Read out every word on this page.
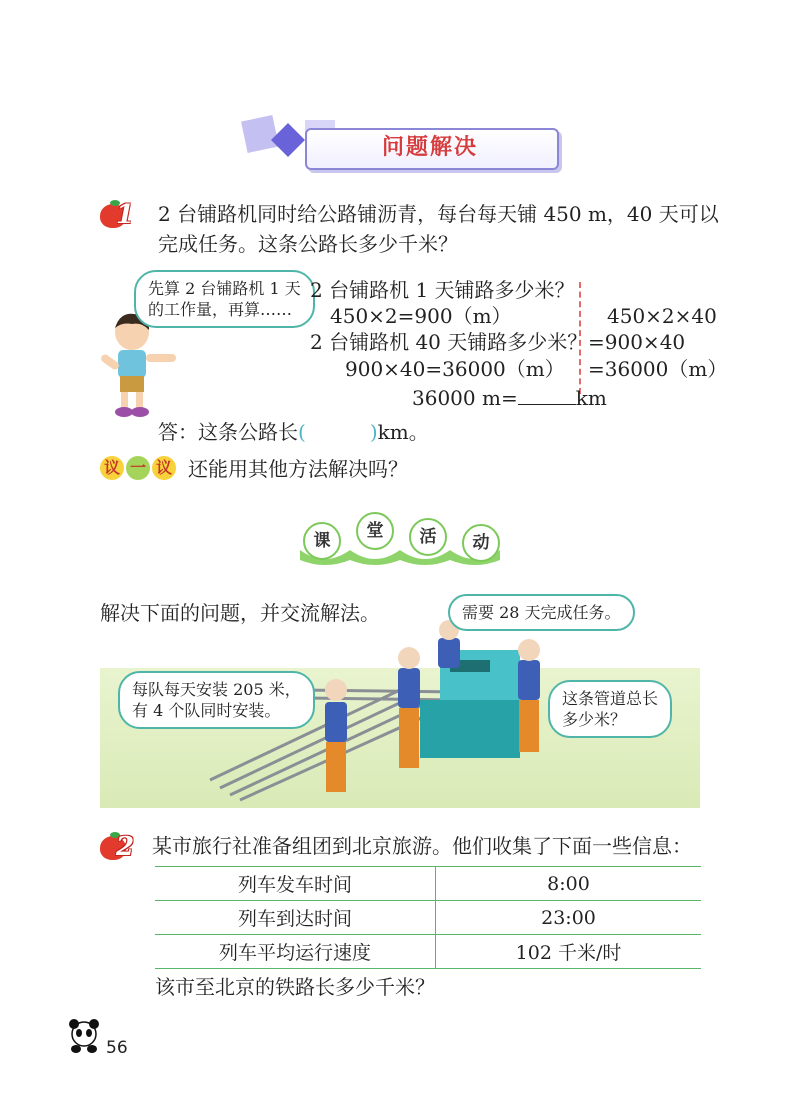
问题解决
1 2 台铺路机同时给公路铺沥青，每台每天铺 450 m，40 天可以
完成任务。这条公路长多少千米？
先算 2 台铺路机 1 天
的工作量，再算……
2 台铺路机 1 天铺路多少米？
450×2=900（m）
2 台铺路机 40 天铺路多少米？
900×40=36000（m）
450×2×40
=900×40
=36000（m）
36000 m=	km
答：这条公路长(	)km。
议 一 议 还能用其他方法解决吗？
课	堂	活	动
解决下面的问题，并交流解法。
每队每天安装 205 米，
有 4 个队同时安装。
需要 28 天完成任务。
这条管道总长
多少米？
2 某市旅行社准备组团到北京旅游。他们收集了下面一些信息：
列车发车时间	8:00
列车到达时间	23:00
列车平均运行速度	102 千米/时
该市至北京的铁路长多少千米？
56
